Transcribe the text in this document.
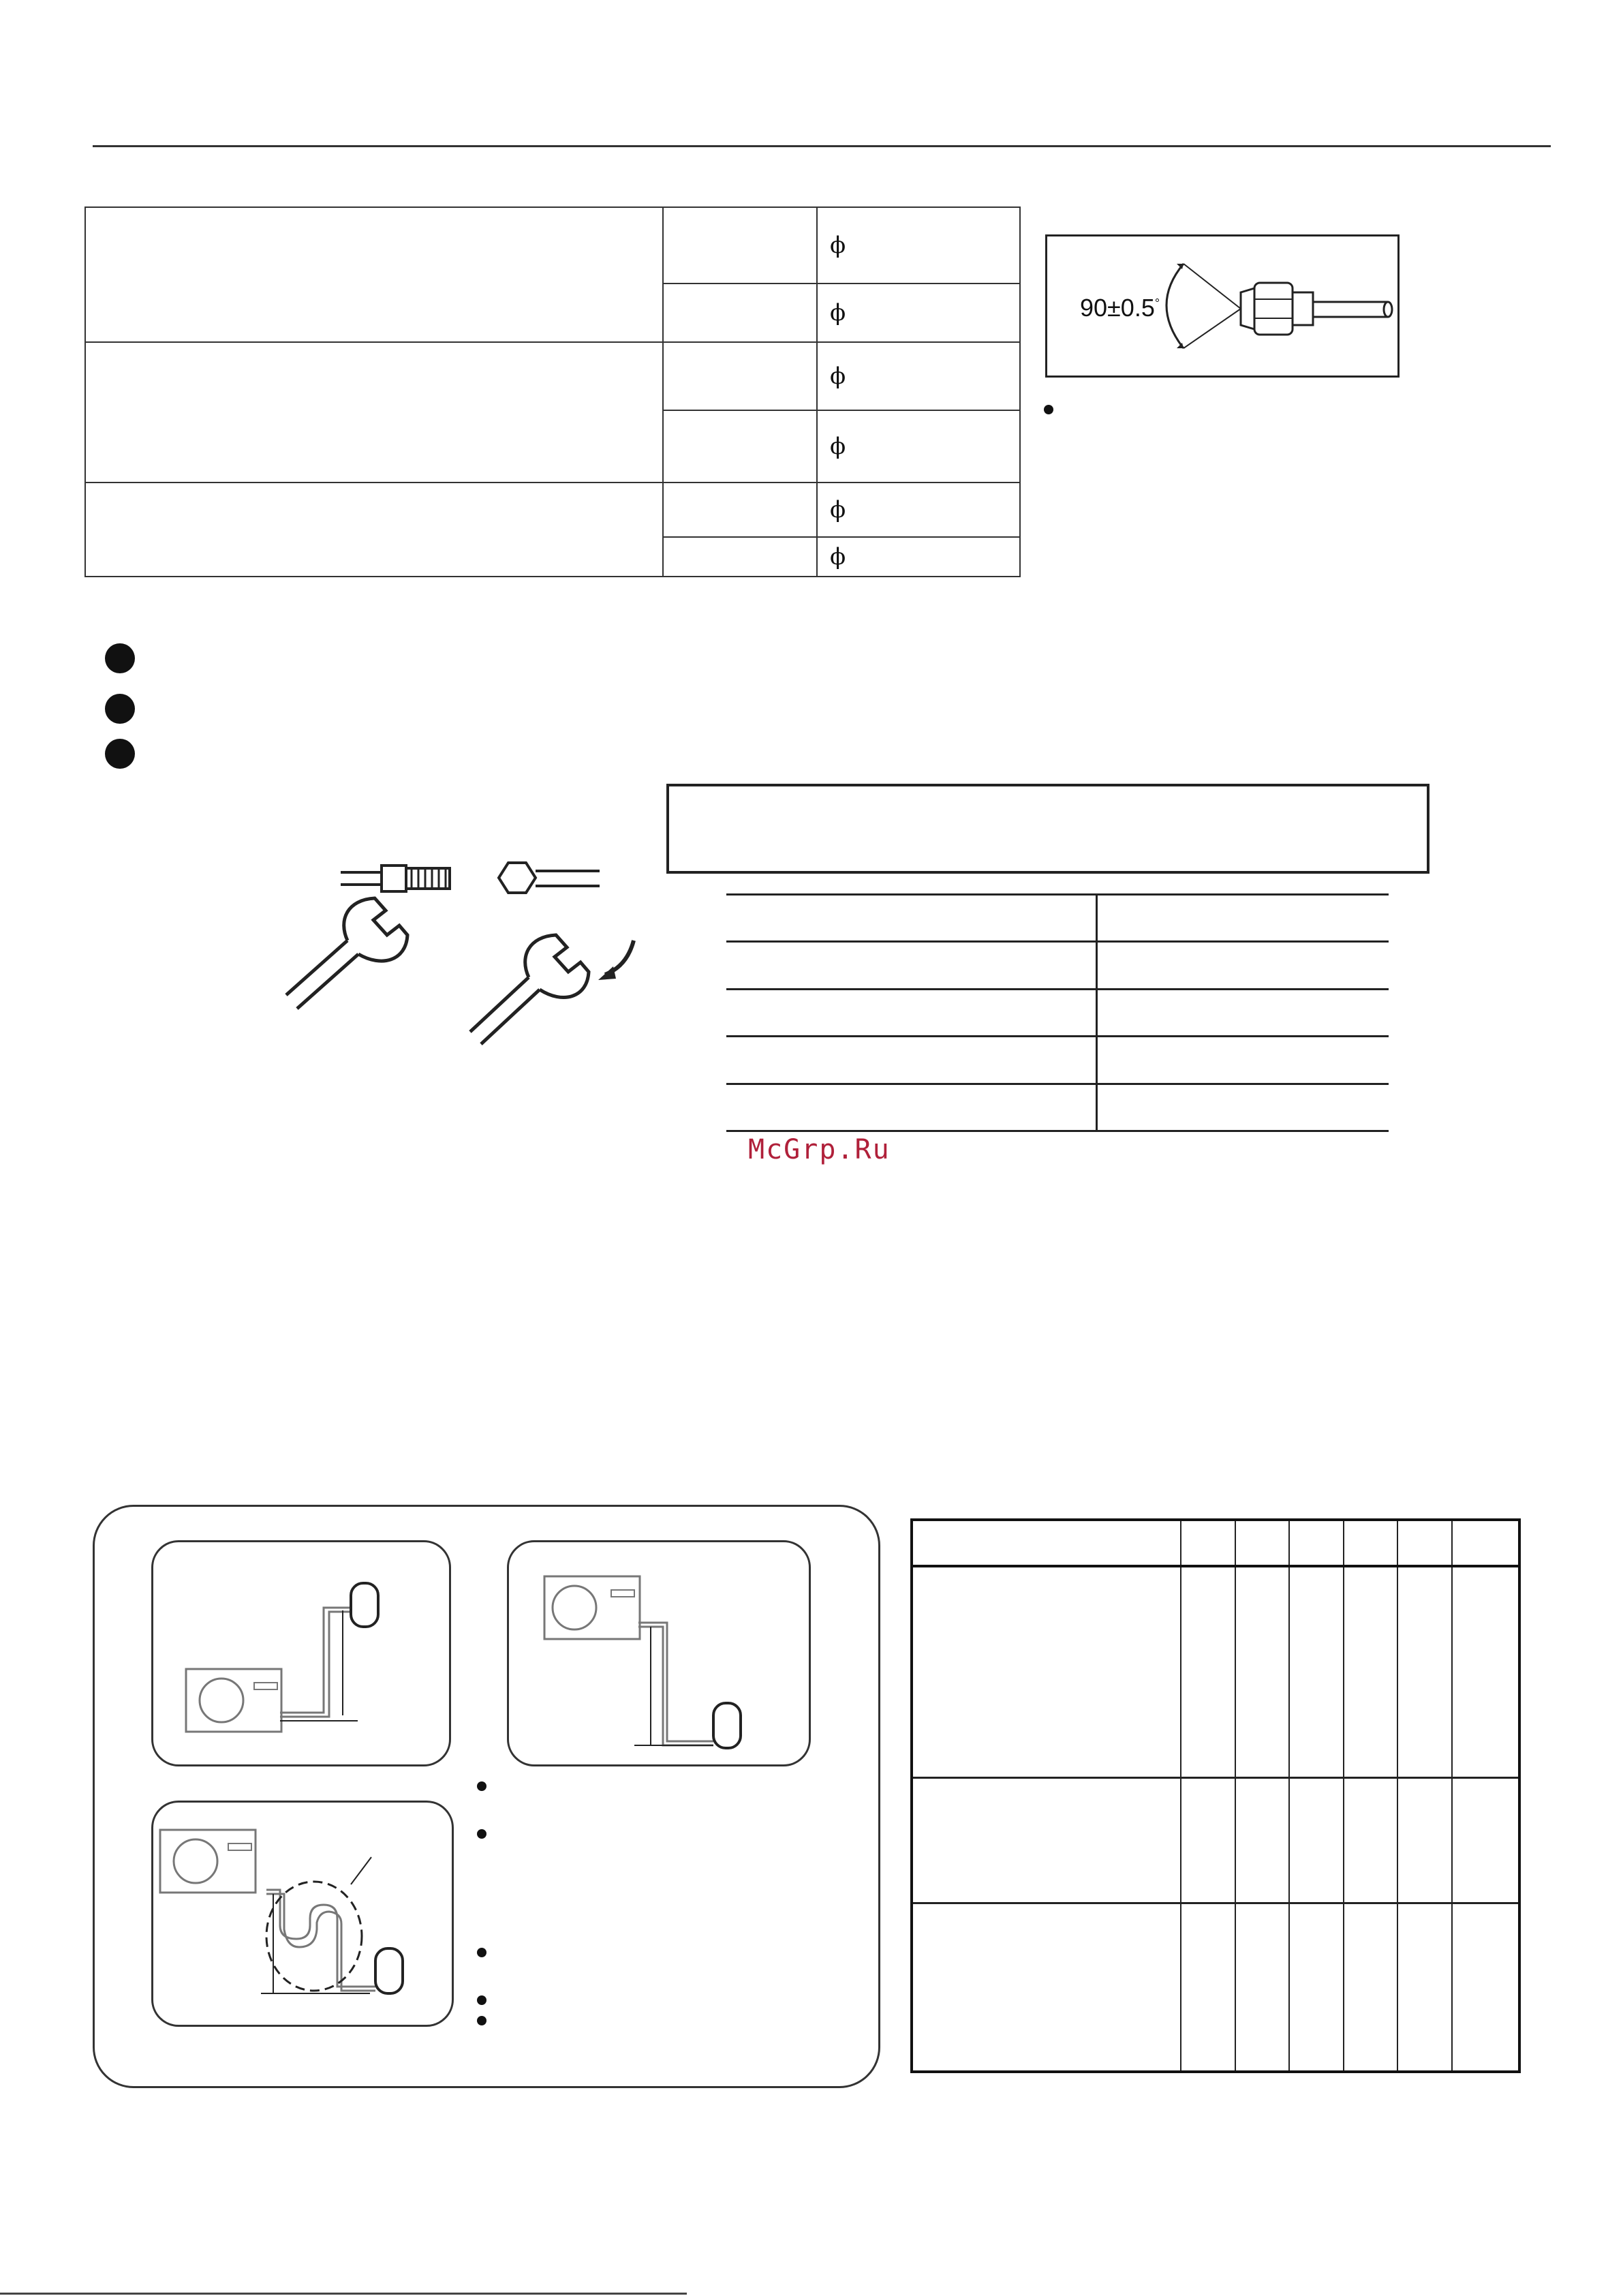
		ϕ
		ϕ
		ϕ
		ϕ
		ϕ
		ϕ
90±0.5°

McGrp.Ru
